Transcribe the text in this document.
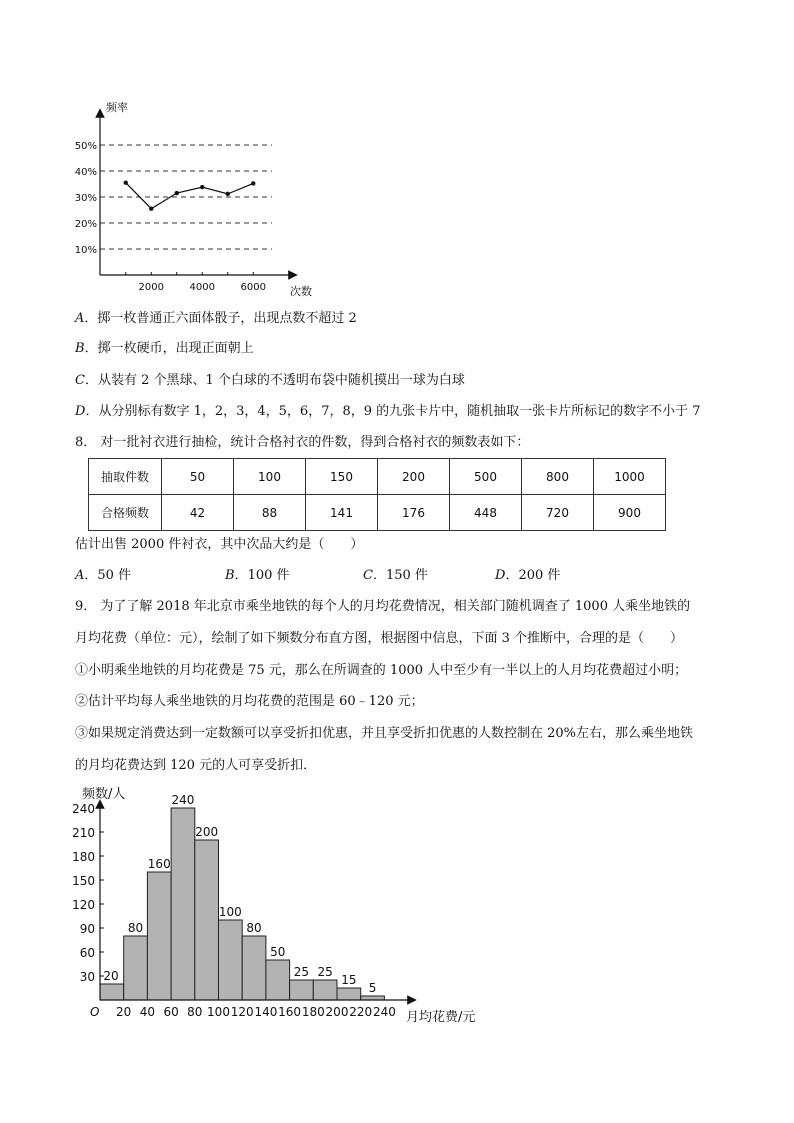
频率
次数
10%
20%
30%
40%
50%
2000	4000	6000
A．掷一枚普通正六面体骰子，出现点数不超过 2
B．掷一枚硬币，出现正面朝上
C．从装有 2 个黑球、1 个白球的不透明布袋中随机摸出一球为白球
D．从分别标有数字 1，2，3，4，5，6，7，8，9 的九张卡片中，随机抽取一张卡片所标记的数字不小于 7
8． 对一批衬衣进行抽检，统计合格衬衣的件数，得到合格衬衣的频数表如下：
抽取件数	50	100	150	200	500	800	1000
合格频数	42	88	141	176	448	720	900
估计出售 2000 件衬衣，其中次品大约是（　　）
A．50 件	B．100 件	C．150 件	D．200 件
9． 为了了解 2018 年北京市乘坐地铁的每个人的月均花费情况，相关部门随机调查了 1000 人乘坐地铁的
月均花费（单位：元），绘制了如下频数分布直方图，根据图中信息，下面 3 个推断中，合理的是（　　）
①小明乘坐地铁的月均花费是 75 元，那么在所调查的 1000 人中至少有一半以上的人月均花费超过小明；
②估计平均每人乘坐地铁的月均花费的范围是 60﹣120 元；
③如果规定消费达到一定数额可以享受折扣优惠，并且享受折扣优惠的人数控制在 20%左右，那么乘坐地铁
的月均花费达到 120 元的人可享受折扣．
频数/人
30
60
90
120
150
180
210
240
20
80
160
240
200
100
80
50
25 25
15
5
O 20 40 60 80 100 120 140 160 180 200 220 240 月均花费/元
